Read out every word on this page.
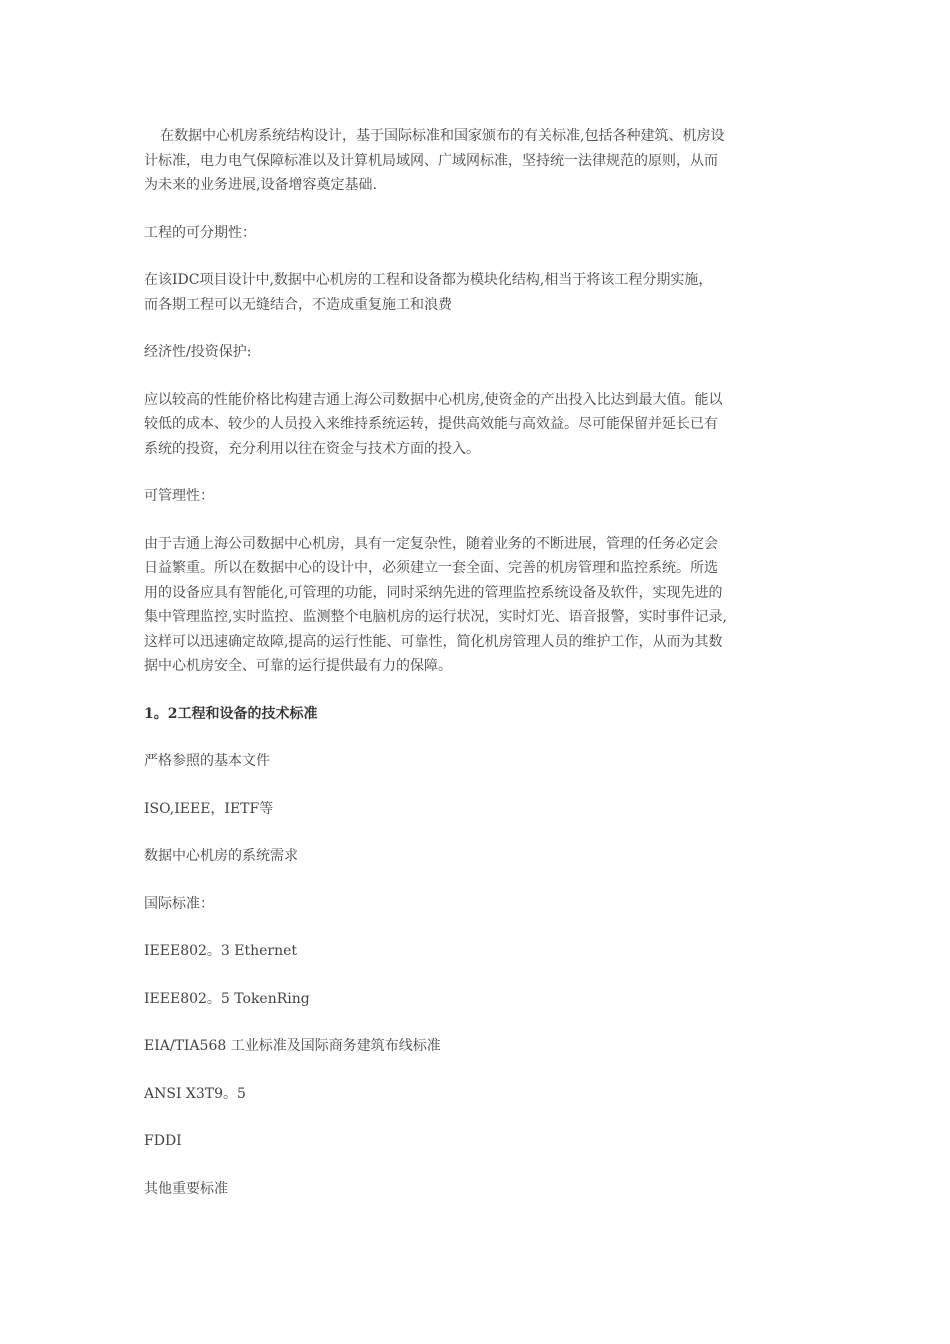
在数据中心机房系统结构设计，基于国际标准和国家颁布的有关标准,包括各种建筑、机房设
计标准，电力电气保障标准以及计算机局域网、广域网标准，坚持统一法律规范的原则，从而
为未来的业务进展,设备增容奠定基础.

工程的可分期性：

在该IDC项目设计中,数据中心机房的工程和设备都为模块化结构,相当于将该工程分期实施，
而各期工程可以无缝结合，不造成重复施工和浪费

经济性/投资保护:

应以较高的性能价格比构建吉通上海公司数据中心机房,使资金的产出投入比达到最大值。能以
较低的成本、较少的人员投入来维持系统运转，提供高效能与高效益。尽可能保留并延长已有
系统的投资，充分利用以往在资金与技术方面的投入。

可管理性：

由于吉通上海公司数据中心机房，具有一定复杂性，随着业务的不断进展，管理的任务必定会
日益繁重。所以在数据中心的设计中，必须建立一套全面、完善的机房管理和监控系统。所选
用的设备应具有智能化,可管理的功能，同时采纳先进的管理监控系统设备及软件，实现先进的
集中管理监控,实时监控、监测整个电脑机房的运行状况，实时灯光、语音报警，实时事件记录,
这样可以迅速确定故障,提高的运行性能、可靠性，简化机房管理人员的维护工作，从而为其数
据中心机房安全、可靠的运行提供最有力的保障。

1。2工程和设备的技术标准

严格参照的基本文件

ISO,IEEE，IETF等

数据中心机房的系统需求

国际标准：

IEEE802。3 Ethernet

IEEE802。5 TokenRing

EIA/TIA568 工业标准及国际商务建筑布线标准

ANSI X3T9。5

FDDI

其他重要标准
